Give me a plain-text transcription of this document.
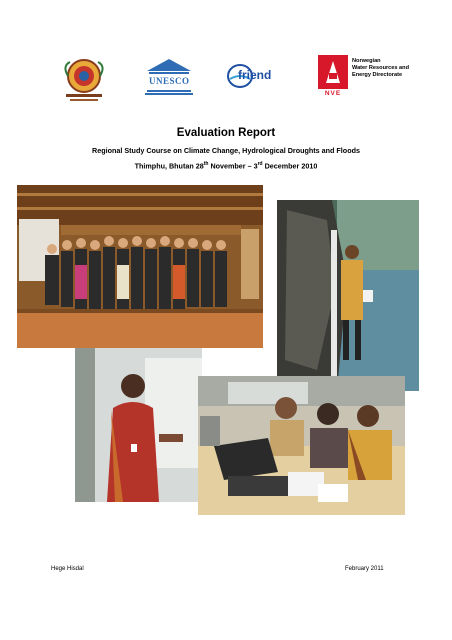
UNESCO	friend
NVE
Norwegian
Water Resources and
Energy Directorate
Evaluation Report
Regional Study Course on Climate Change, Hydrological Droughts and Floods
Thimphu, Bhutan 28th November – 3rd December 2010
Hege Hisdal	February 2011
